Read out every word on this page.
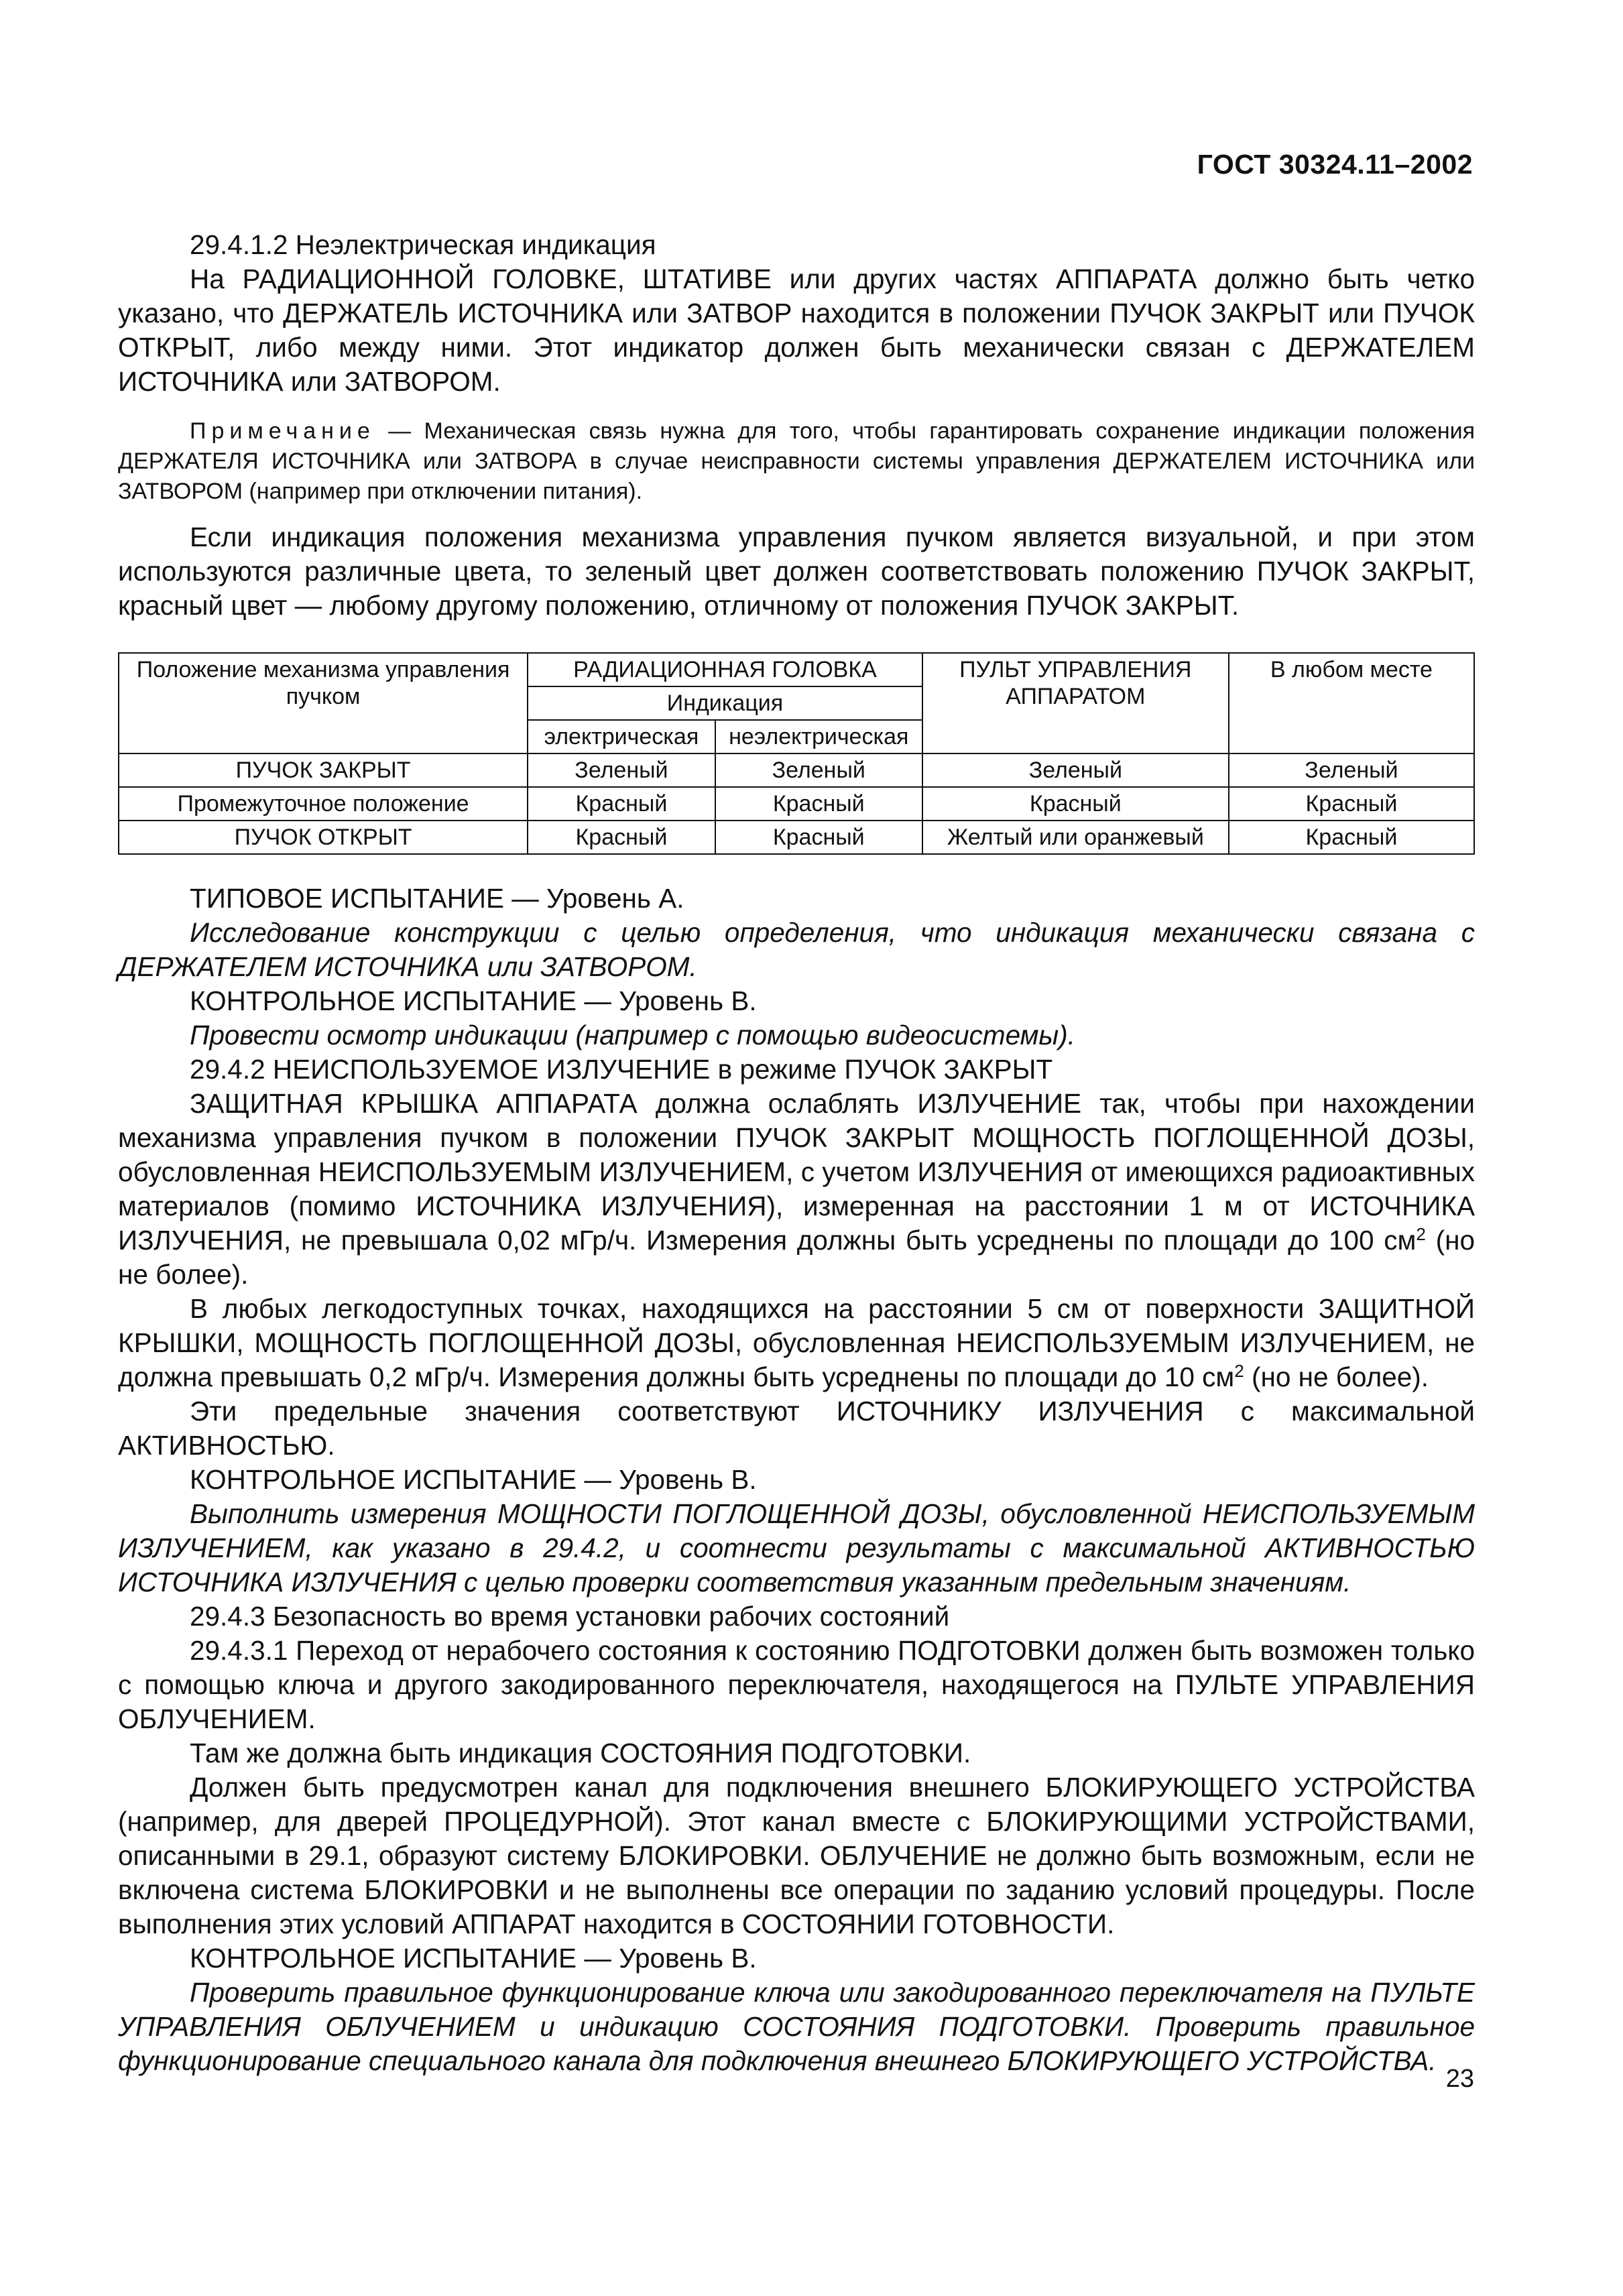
ГОСТ 30324.11–2002

29.4.1.2 Неэлектрическая индикация

На РАДИАЦИОННОЙ ГОЛОВКЕ, ШТАТИВЕ или других частях АППАРАТА должно быть четко указано, что ДЕРЖАТЕЛЬ ИСТОЧНИКА или ЗАТВОР находится в положении ПУЧОК ЗАКРЫТ или ПУЧОК ОТКРЫТ, либо между ними. Этот индикатор должен быть механически связан с ДЕРЖАТЕЛЕМ ИСТОЧНИКА или ЗАТВОРОМ.

Примечание — Механическая связь нужна для того, чтобы гарантировать сохранение индикации положения ДЕРЖАТЕЛЯ ИСТОЧНИКА или ЗАТВОРА в случае неисправности системы управления ДЕРЖАТЕЛЕМ ИСТОЧНИКА или ЗАТВОРОМ (например при отключении питания).

Если индикация положения механизма управления пучком является визуальной, и при этом используются различные цвета, то зеленый цвет должен соответствовать положению ПУЧОК ЗАКРЫТ, красный цвет — любому другому положению, отличному от положения ПУЧОК ЗАКРЫТ.

Положение механизма управления пучком	РАДИАЦИОННАЯ ГОЛОВКА		ПУЛЬТ УПРАВЛЕНИЯ АППАРАТОМ	В любом месте
	Индикация			
	электрическая	неэлектрическая		
ПУЧОК ЗАКРЫТ	Зеленый	Зеленый	Зеленый	Зеленый
Промежуточное положение	Красный	Красный	Красный	Красный
ПУЧОК ОТКРЫТ	Красный	Красный	Желтый или оранжевый	Красный

ТИПОВОЕ ИСПЫТАНИЕ — Уровень А.

Исследование конструкции с целью определения, что индикация механически связана с ДЕРЖАТЕЛЕМ ИСТОЧНИКА или ЗАТВОРОМ.

КОНТРОЛЬНОЕ ИСПЫТАНИЕ — Уровень В.

Провести осмотр индикации (например с помощью видеосистемы).

29.4.2 НЕИСПОЛЬЗУЕМОЕ ИЗЛУЧЕНИЕ в режиме ПУЧОК ЗАКРЫТ

ЗАЩИТНАЯ КРЫШКА АППАРАТА должна ослаблять ИЗЛУЧЕНИЕ так, чтобы при нахождении механизма управления пучком в положении ПУЧОК ЗАКРЫТ МОЩНОСТЬ ПОГЛОЩЕННОЙ ДОЗЫ, обусловленная НЕИСПОЛЬЗУЕМЫМ ИЗЛУЧЕНИЕМ, с учетом ИЗЛУЧЕНИЯ от имеющихся радиоактивных материалов (помимо ИСТОЧНИКА ИЗЛУЧЕНИЯ), измеренная на расстоянии 1 м от ИСТОЧНИКА ИЗЛУЧЕНИЯ, не превышала 0,02 мГр/ч. Измерения должны быть усреднены по площади до 100 $см^2$ (но не более).

В любых легкодоступных точках, находящихся на расстоянии 5 см от поверхности ЗАЩИТНОЙ КРЫШКИ, МОЩНОСТЬ ПОГЛОЩЕННОЙ ДОЗЫ, обусловленная НЕИСПОЛЬЗУЕМЫМ ИЗЛУЧЕНИЕМ, не должна превышать 0,2 мГр/ч. Измерения должны быть усреднены по площади до 10 $см^2$ (но не более).

Эти предельные значения соответствуют ИСТОЧНИКУ ИЗЛУЧЕНИЯ с максимальной АКТИВНОСТЬЮ.

КОНТРОЛЬНОЕ ИСПЫТАНИЕ — Уровень В.

Выполнить измерения МОЩНОСТИ ПОГЛОЩЕННОЙ ДОЗЫ, обусловленной НЕИСПОЛЬЗУЕМЫМ ИЗЛУЧЕНИЕМ, как указано в 29.4.2, и соотнести результаты с максимальной АКТИВНОСТЬЮ ИСТОЧНИКА ИЗЛУЧЕНИЯ с целью проверки соответствия указанным предельным значениям.

29.4.3 Безопасность во время установки рабочих состояний

29.4.3.1 Переход от нерабочего состояния к состоянию ПОДГОТОВКИ должен быть возможен только с помощью ключа и другого закодированного переключателя, находящегося на ПУЛЬТЕ УПРАВЛЕНИЯ ОБЛУЧЕНИЕМ.

Там же должна быть индикация СОСТОЯНИЯ ПОДГОТОВКИ.

Должен быть предусмотрен канал для подключения внешнего БЛОКИРУЮЩЕГО УСТРОЙСТВА (например, для дверей ПРОЦЕДУРНОЙ). Этот канал вместе с БЛОКИРУЮЩИМИ УСТРОЙСТВАМИ, описанными в 29.1, образуют систему БЛОКИРОВКИ. ОБЛУЧЕНИЕ не должно быть возможным, если не включена система БЛОКИРОВКИ и не выполнены все операции по заданию условий процедуры. После выполнения этих условий АППАРАТ находится в СОСТОЯНИИ ГОТОВНОСТИ.

КОНТРОЛЬНОЕ ИСПЫТАНИЕ — Уровень В.

Проверить правильное функционирование ключа или закодированного переключателя на ПУЛЬТЕ УПРАВЛЕНИЯ ОБЛУЧЕНИЕМ и индикацию СОСТОЯНИЯ ПОДГОТОВКИ. Проверить правильное функционирование специального канала для подключения внешнего БЛОКИРУЮЩЕГО УСТРОЙСТВА.

23
